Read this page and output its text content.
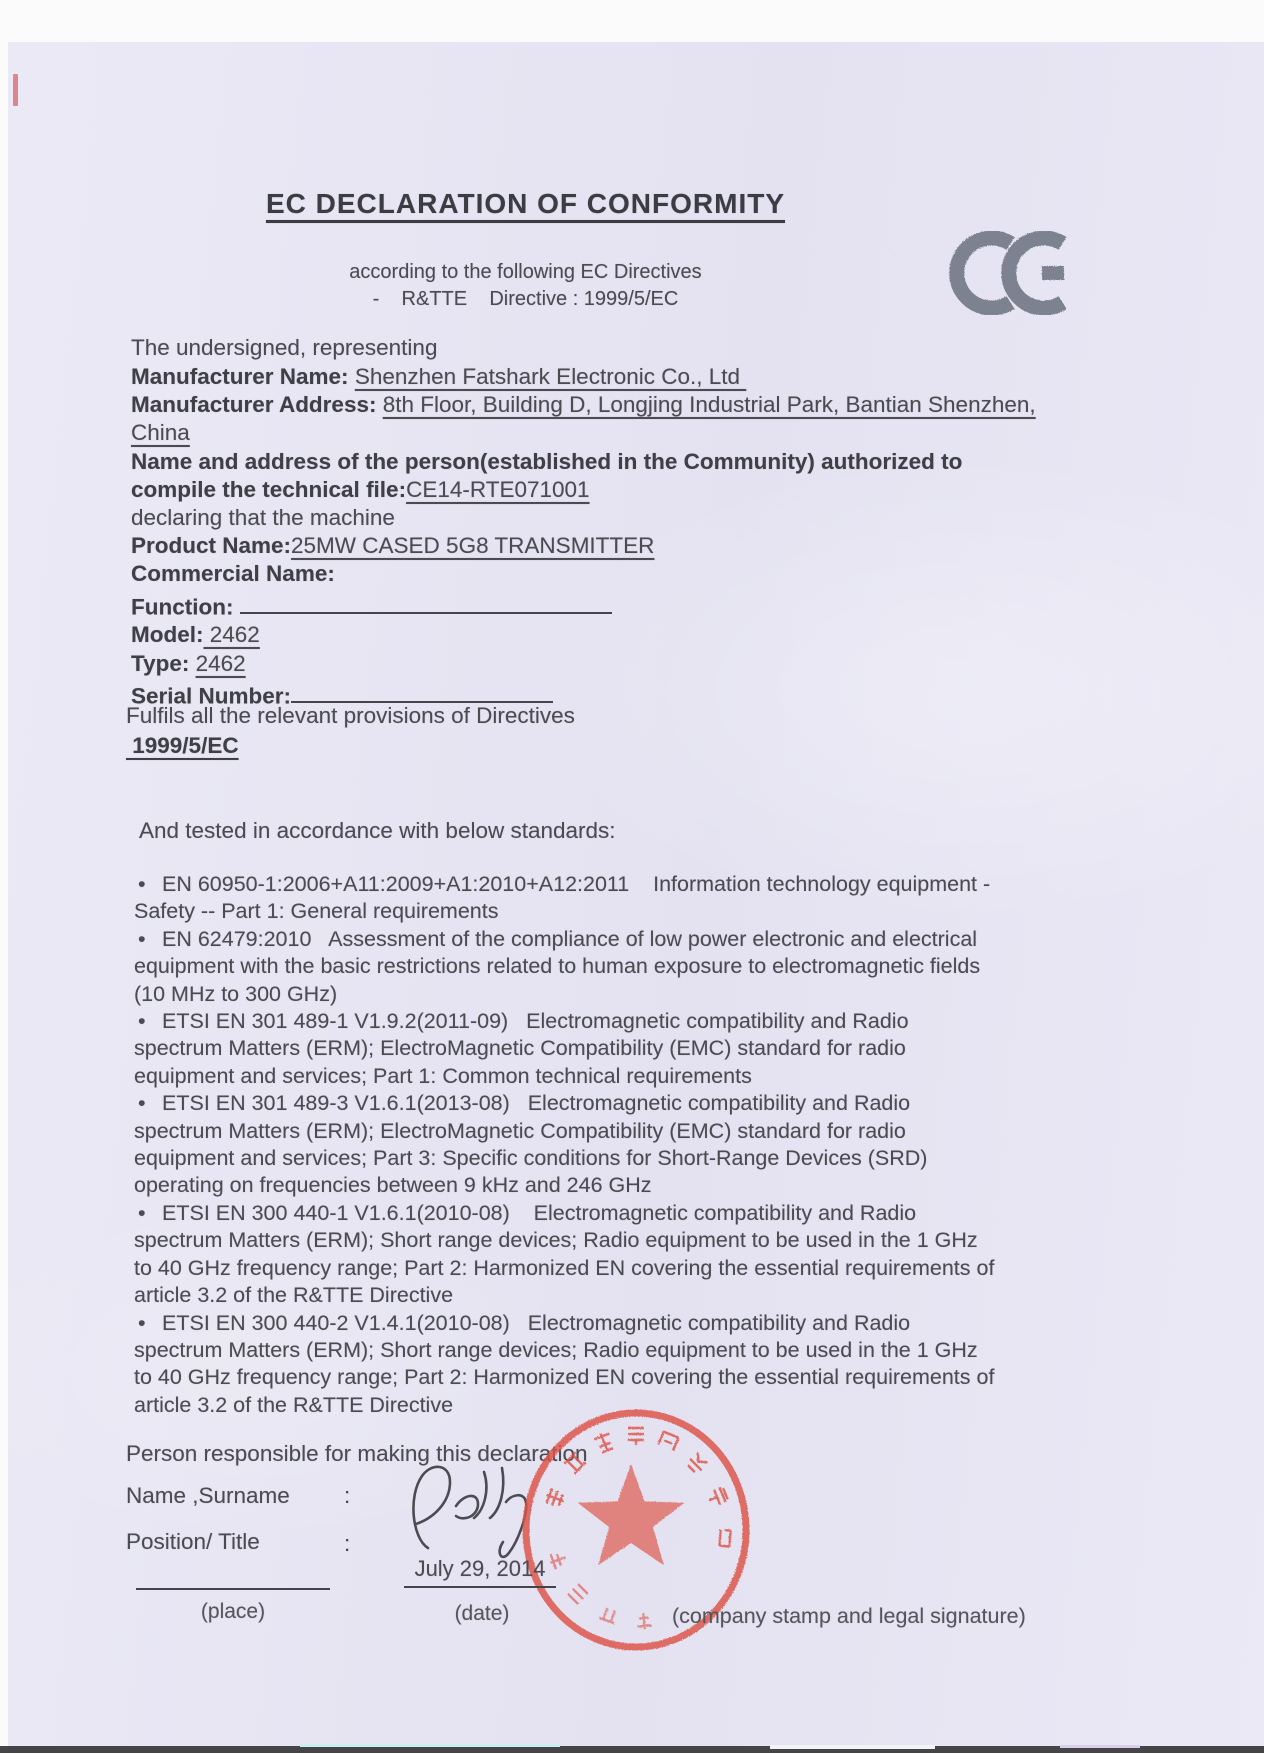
EC DECLARATION OF CONFORMITY
according to the following EC Directives
-    R&TTE    Directive : 1999/5/EC
The undersigned, representing
Manufacturer Name: Shenzhen Fatshark Electronic Co., Ltd
Manufacturer Address: 8th Floor, Building D, Longjing Industrial Park, Bantian Shenzhen,
China
Name and address of the person(established in the Community) authorized to
compile the technical file:CE14-RTE071001
declaring that the machine
Product Name:25MW CASED 5G8 TRANSMITTER
Commercial Name:
Function:
Model: 2462
Type: 2462
Serial Number:
Fulfils all the relevant provisions of Directives
1999/5/EC
And tested in accordance with below standards:
• EN 60950-1:2006+A11:2009+A1:2010+A12:2011    Information technology equipment -
Safety -- Part 1: General requirements
• EN 62479:2010   Assessment of the compliance of low power electronic and electrical
equipment with the basic restrictions related to human exposure to electromagnetic fields
(10 MHz to 300 GHz)
• ETSI EN 301 489-1 V1.9.2(2011-09)   Electromagnetic compatibility and Radio
spectrum Matters (ERM); ElectroMagnetic Compatibility (EMC) standard for radio
equipment and services; Part 1: Common technical requirements
• ETSI EN 301 489-3 V1.6.1(2013-08)   Electromagnetic compatibility and Radio
spectrum Matters (ERM); ElectroMagnetic Compatibility (EMC) standard for radio
equipment and services; Part 3: Specific conditions for Short-Range Devices (SRD)
operating on frequencies between 9 kHz and 246 GHz
• ETSI EN 300 440-1 V1.6.1(2010-08)    Electromagnetic compatibility and Radio
spectrum Matters (ERM); Short range devices; Radio equipment to be used in the 1 GHz
to 40 GHz frequency range; Part 2: Harmonized EN covering the essential requirements of
article 3.2 of the R&TTE Directive
• ETSI EN 300 440-2 V1.4.1(2010-08)   Electromagnetic compatibility and Radio
spectrum Matters (ERM); Short range devices; Radio equipment to be used in the 1 GHz
to 40 GHz frequency range; Part 2: Harmonized EN covering the essential requirements of
article 3.2 of the R&TTE Directive
Person responsible for making this declaration
Name ,Surname :
Position/ Title	:
July 29, 2014
(place)	(date)	(company stamp and legal signature)
